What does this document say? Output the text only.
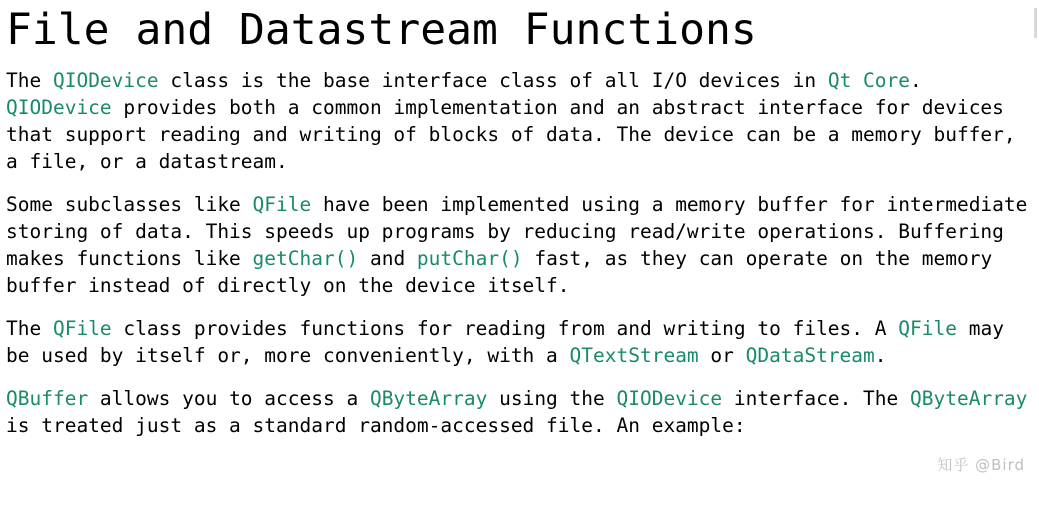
File and Datastream Functions

The QIODevice class is the base interface class of all I/O devices in Qt Core. QIODevice provides both a common implementation and an abstract interface for devices that support reading and writing of blocks of data. The device can be a memory buffer, a file, or a datastream.

Some subclasses like QFile have been implemented using a memory buffer for intermediate storing of data. This speeds up programs by reducing read/write operations. Buffering makes functions like getChar() and putChar() fast, as they can operate on the memory buffer instead of directly on the device itself.

The QFile class provides functions for reading from and writing to files. A QFile may be used by itself or, more conveniently, with a QTextStream or QDataStream.

QBuffer allows you to access a QByteArray using the QIODevice interface. The QByteArray is treated just as a standard random-accessed file. An example:

知乎 @Bird
